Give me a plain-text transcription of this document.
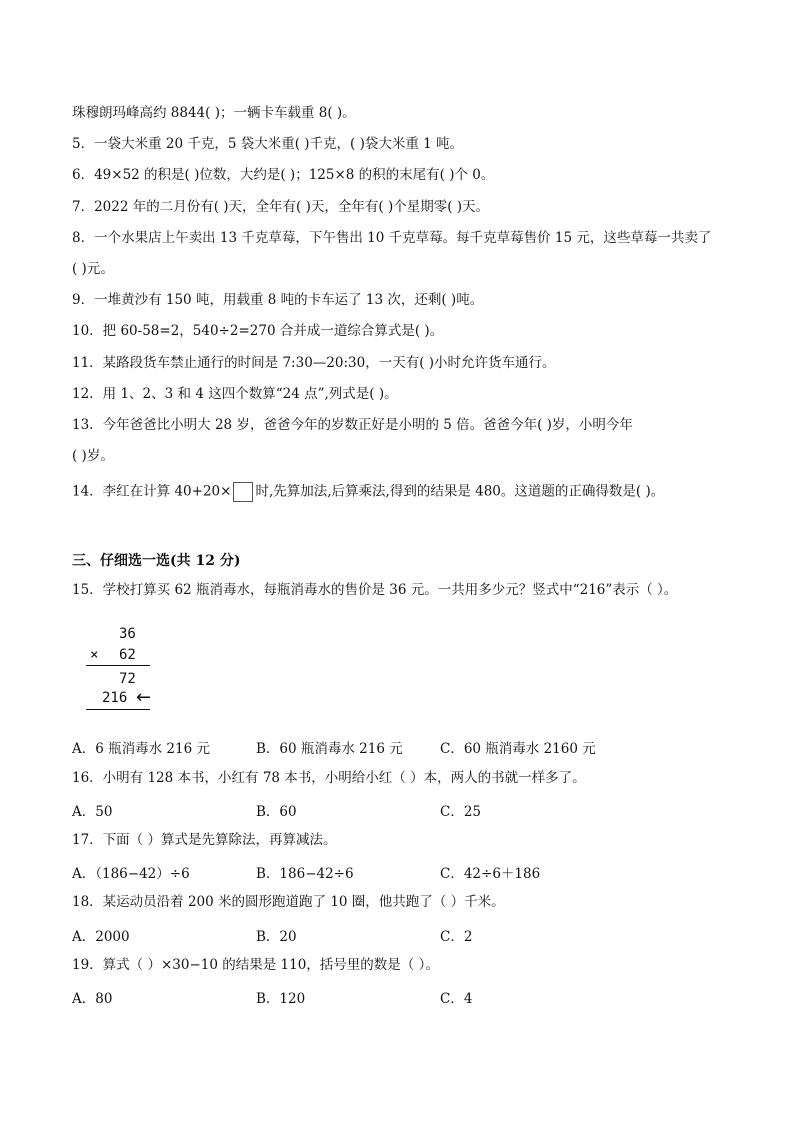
珠穆朗玛峰高约 8844( )；一辆卡车载重 8( )。
5．一袋大米重 20 千克，5 袋大米重( )千克，( )袋大米重 1 吨。
6．49×52 的积是( )位数，大约是( )；125×8 的积的末尾有( )个 0。
7．2022 年的二月份有( )天，全年有( )天，全年有( )个星期零( )天。
8．一个水果店上午卖出 13 千克草莓，下午售出 10 千克草莓。每千克草莓售价 15 元，这些草莓一共卖了
( )元。
9．一堆黄沙有 150 吨，用载重 8 吨的卡车运了 13 次，还剩( )吨。
10．把 60-58=2，540÷2=270 合并成一道综合算式是( )。
11．某路段货车禁止通行的时间是 7:30—20:30，一天有( )小时允许货车通行。
12．用 1、2、3 和 4 这四个数算“24 点”,列式是( )。
13．今年爸爸比小明大 28 岁，爸爸今年的岁数正好是小明的 5 倍。爸爸今年( )岁，小明今年
( )岁。
14．李红在计算 40+20× 时,先算加法,后算乘法,得到的结果是 480。这道题的正确得数是( )。
三、仔细选一选(共 12 分)
15．学校打算买 62 瓶消毒水，每瓶消毒水的售价是 36 元。一共用多少元？竖式中“216”表示（ ）。
36
× 62
72
216 ←
A．6 瓶消毒水 216 元	B．60 瓶消毒水 216 元	C．60 瓶消毒水 2160 元
16．小明有 128 本书，小红有 78 本书，小明给小红（ ）本，两人的书就一样多了。
A．50	B．60	C．25
17．下面（ ）算式是先算除法，再算减法。
A．（186−42）÷6	B．186−42÷6	C．42÷6＋186
18．某运动员沿着 200 米的圆形跑道跑了 10 圈，他共跑了（ ）千米。
A．2000	B．20	C．2
19．算式（ ）×30−10 的结果是 110，括号里的数是（ ）。
A．80	B．120	C．4
